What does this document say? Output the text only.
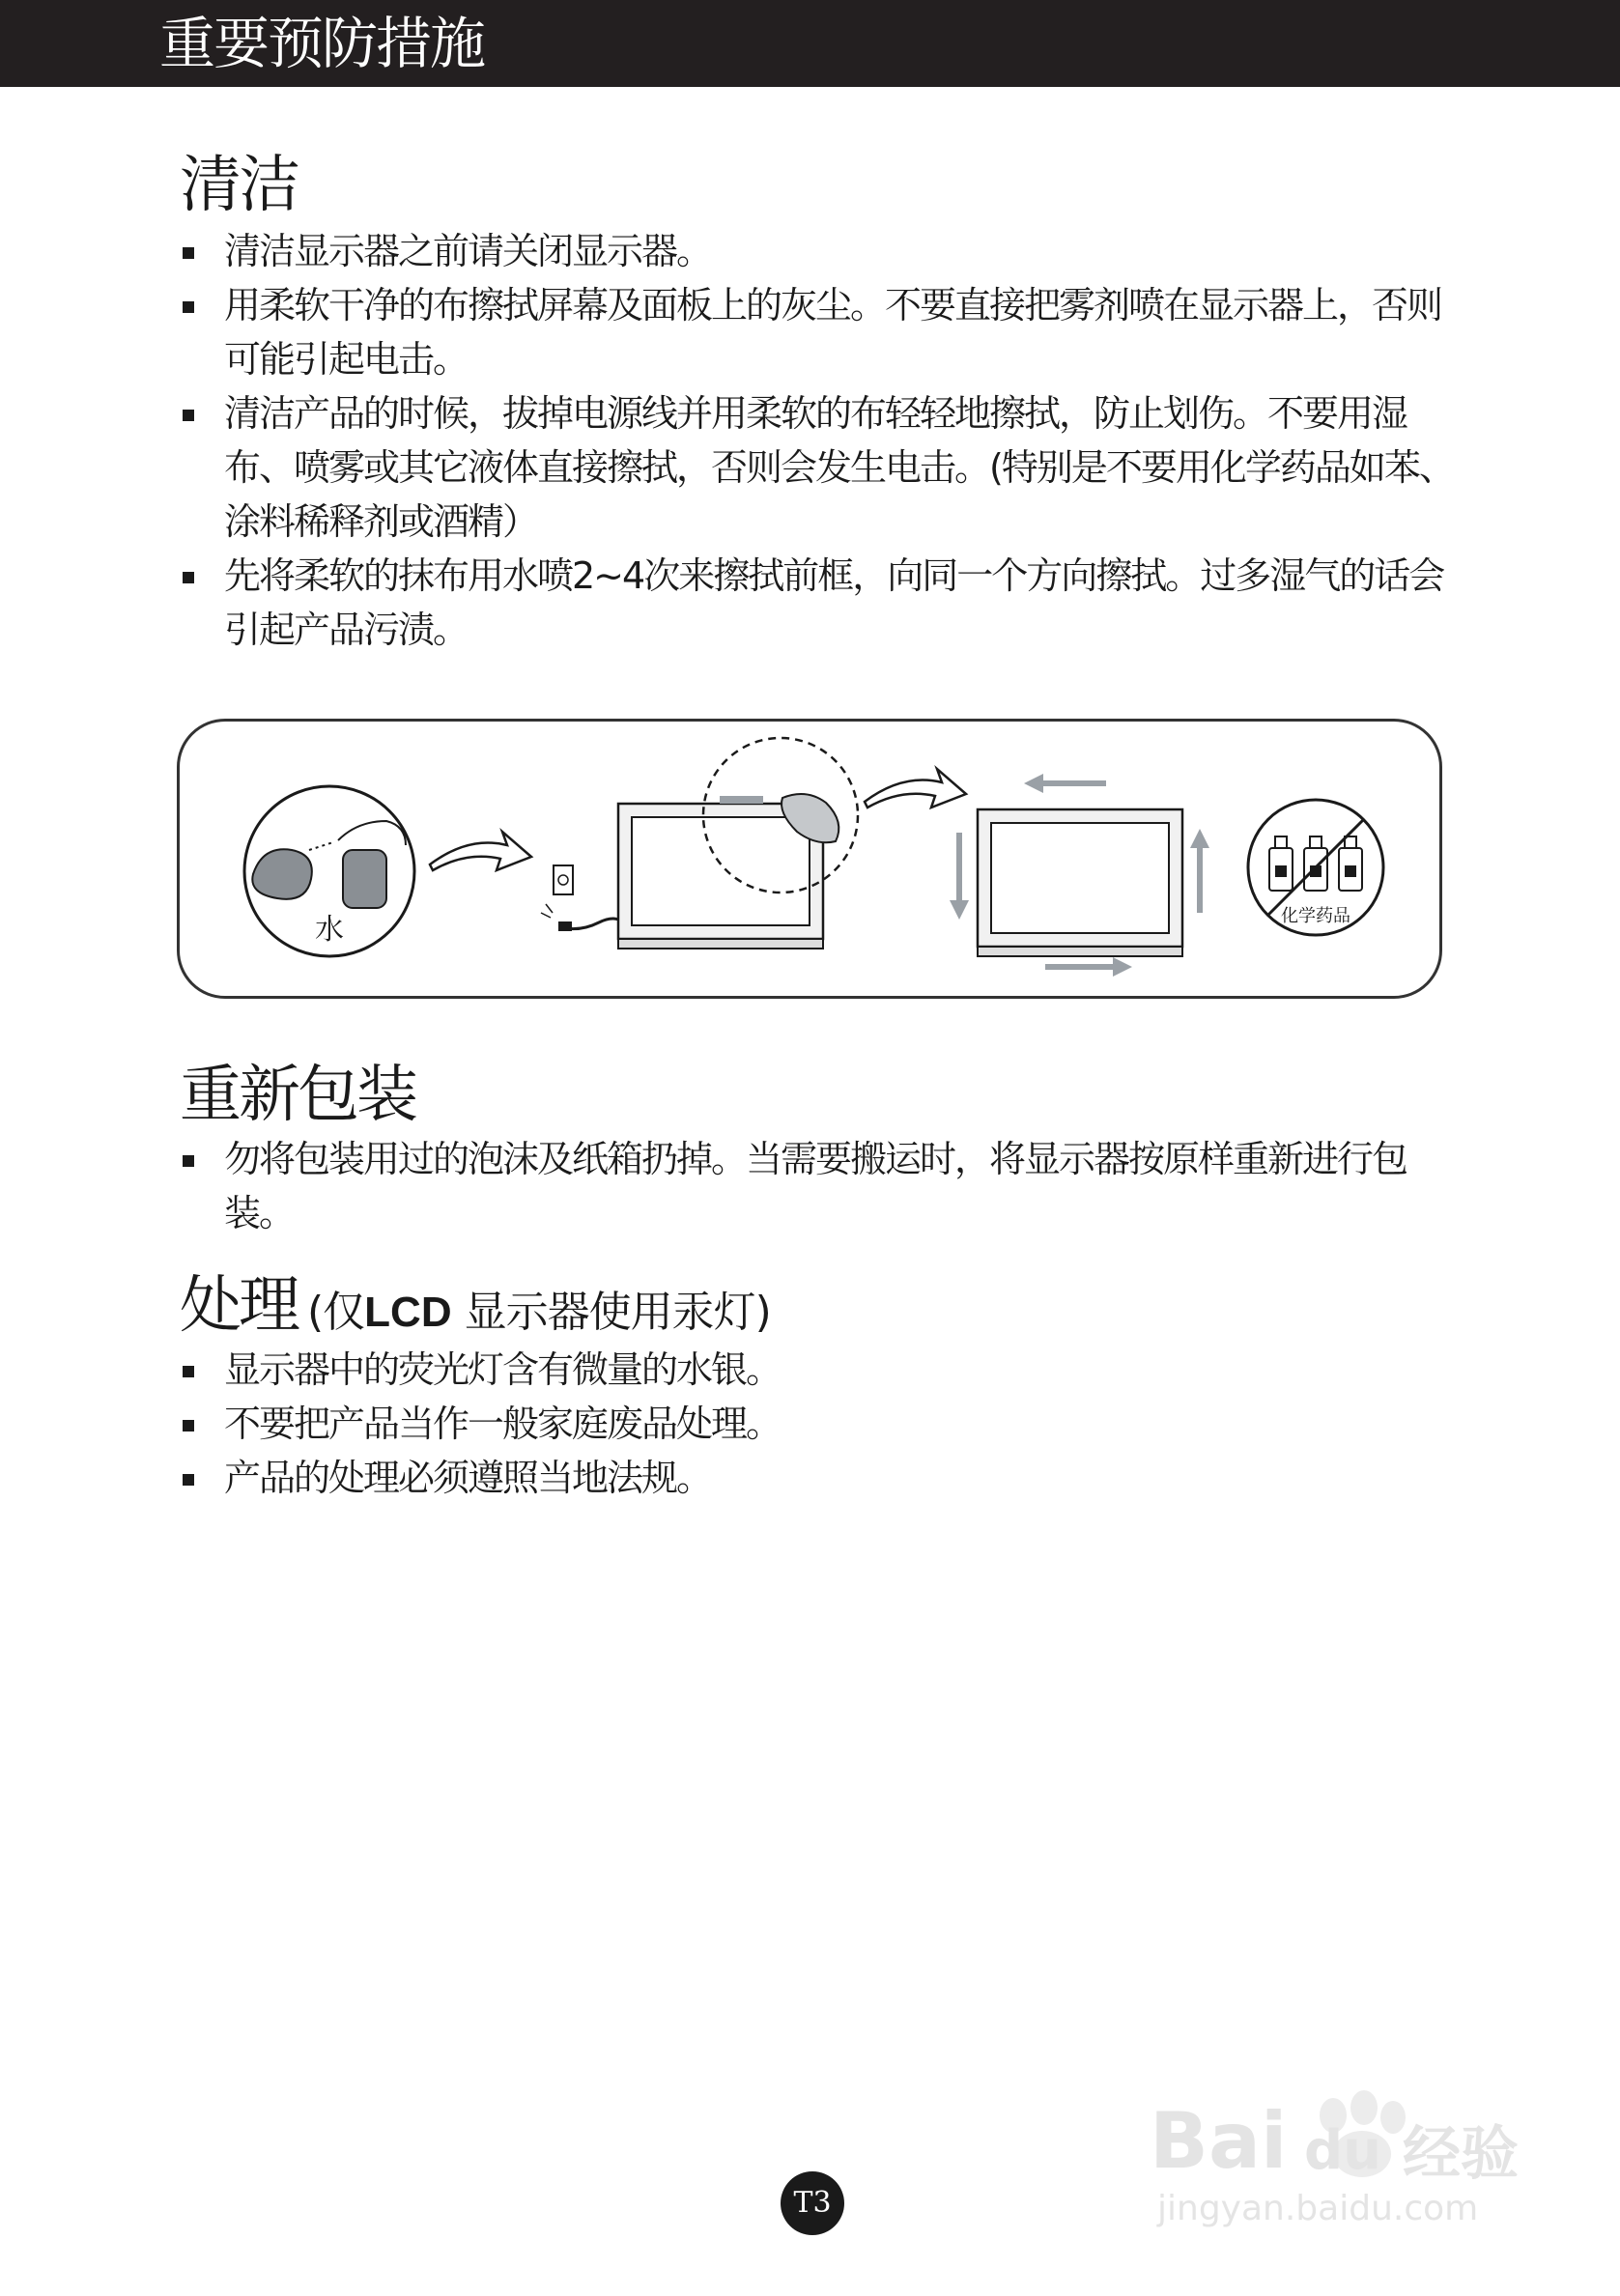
重要预防措施
清洁
清洁显示器之前请关闭显示器。
用柔软干净的布擦拭屏幕及面板上的灰尘。不要直接把雾剂喷在显示器上，否则可能引起电击。
清洁产品的时候，拔掉电源线并用柔软的布轻轻地擦拭，防止划伤。不要用湿布、喷雾或其它液体直接擦拭，否则会发生电击。(特别是不要用化学药品如苯、涂料稀释剂或酒精）
先将柔软的抹布用水喷2~4次来擦拭前框，向同一个方向擦拭。过多湿气的话会引起产品污渍。
水	化学药品
重新包装
勿将包装用过的泡沫及纸箱扔掉。当需要搬运时，将显示器按原样重新进行包装。
处理 (仅LCD 显示器使用汞灯)
显示器中的荧光灯含有微量的水银。
不要把产品当作一般家庭废品处理。
产品的处理必须遵照当地法规。
Bai du 经验
jingyan.baidu.com
T3
